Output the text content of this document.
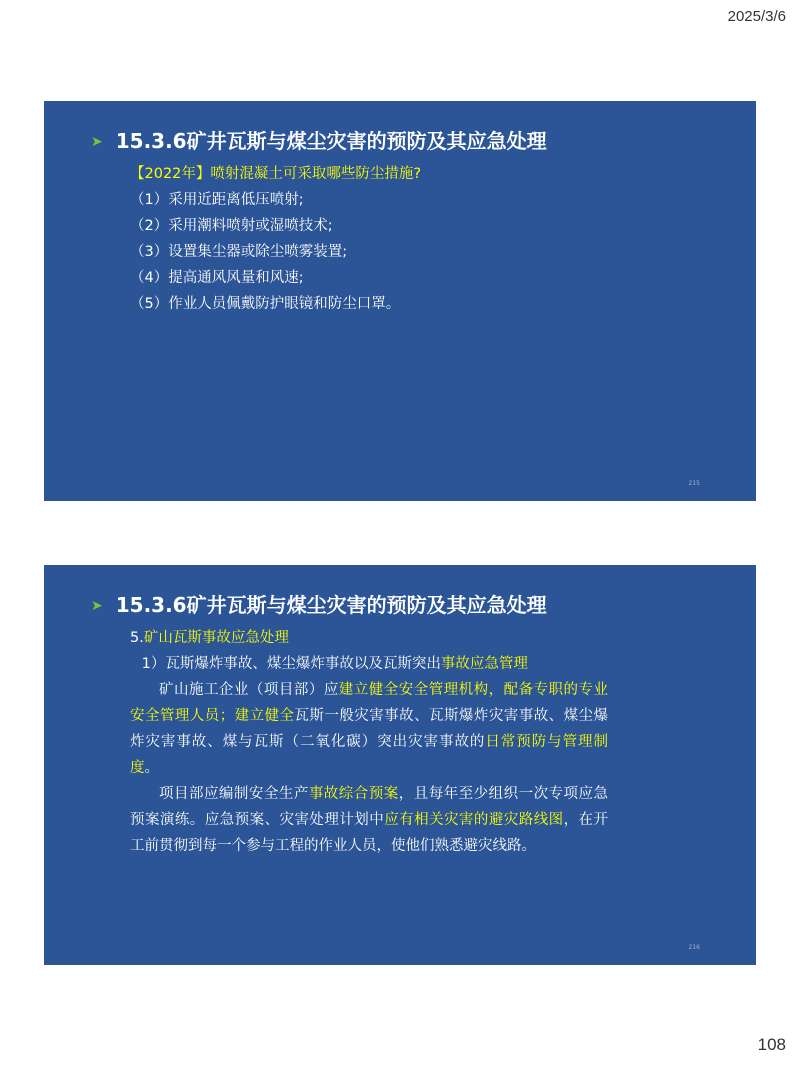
2025/3/6
➤ 15.3.6矿井瓦斯与煤尘灾害的预防及其应急处理
【2022年】喷射混凝土可采取哪些防尘措施?
（1）采用近距离低压喷射;
（2）采用潮料喷射或湿喷技术;
（3）设置集尘器或除尘喷雾装置;
（4）提高通风风量和风速;
（5）作业人员佩戴防护眼镜和防尘口罩。
215
➤ 15.3.6矿井瓦斯与煤尘灾害的预防及其应急处理
5.矿山瓦斯事故应急处理
1）瓦斯爆炸事故、煤尘爆炸事故以及瓦斯突出事故应急管理
矿山施工企业（项目部）应建立健全安全管理机构，配备专职的专业安全管理人员；建立健全瓦斯一般灾害事故、瓦斯爆炸灾害事故、煤尘爆炸灾害事故、煤与瓦斯（二氧化碳）突出灾害事故的日常预防与管理制度。
项目部应编制安全生产事故综合预案，且每年至少组织一次专项应急预案演练。应急预案、灾害处理计划中应有相关灾害的避灾路线图，在开工前贯彻到每一个参与工程的作业人员，使他们熟悉避灾线路。
216
108
